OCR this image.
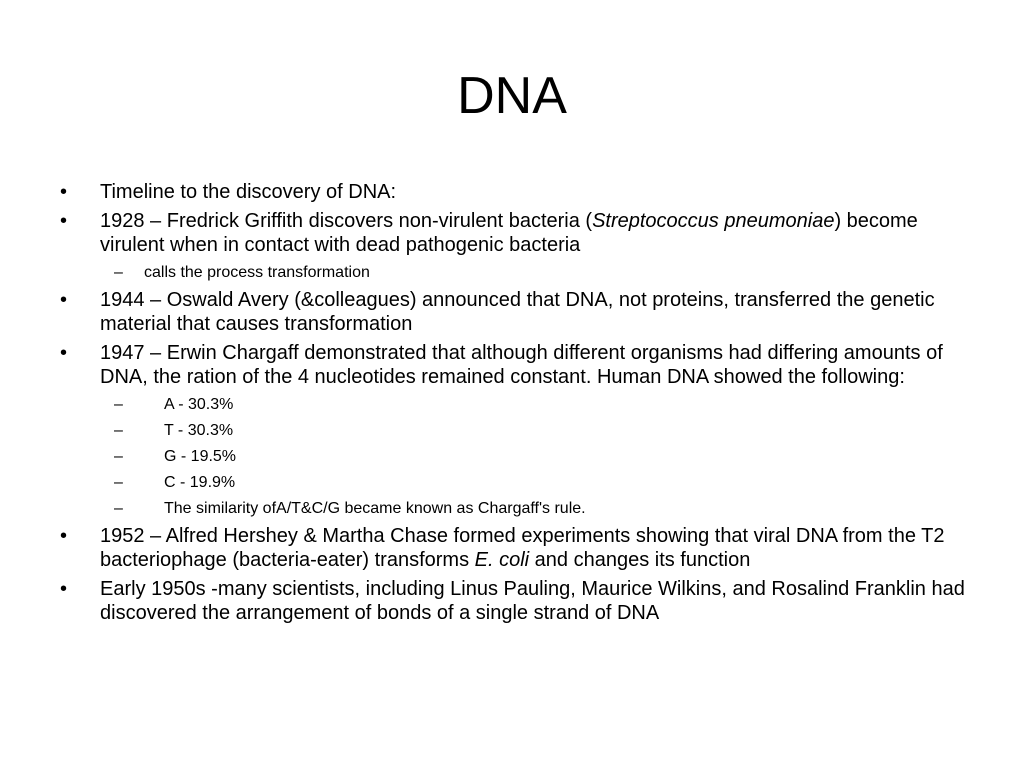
DNA
•	Timeline to the discovery of DNA:
•	1928 – Fredrick Griffith discovers non-virulent bacteria (Streptococcus pneumoniae) become virulent when in contact with dead pathogenic bacteria
– calls the process transformation
•	1944 – Oswald Avery (&colleagues) announced that DNA, not proteins, transferred the genetic material that causes transformation
•	1947 – Erwin Chargaff demonstrated that although different organisms had differing amounts of DNA, the ration of the 4 nucleotides remained constant. Human DNA showed the following:
–	A - 30.3%
–	T - 30.3%
–	G - 19.5%
–	C - 19.9%
–	The similarity ofA/T&C/G became known as Chargaff's rule.
•	1952 – Alfred Hershey & Martha Chase formed experiments showing that viral DNA from the T2 bacteriophage (bacteria-eater) transforms E. coli and changes its function
•	Early 1950s -many scientists, including Linus Pauling, Maurice Wilkins, and Rosalind Franklin had discovered the arrangement of bonds of a single strand of DNA
